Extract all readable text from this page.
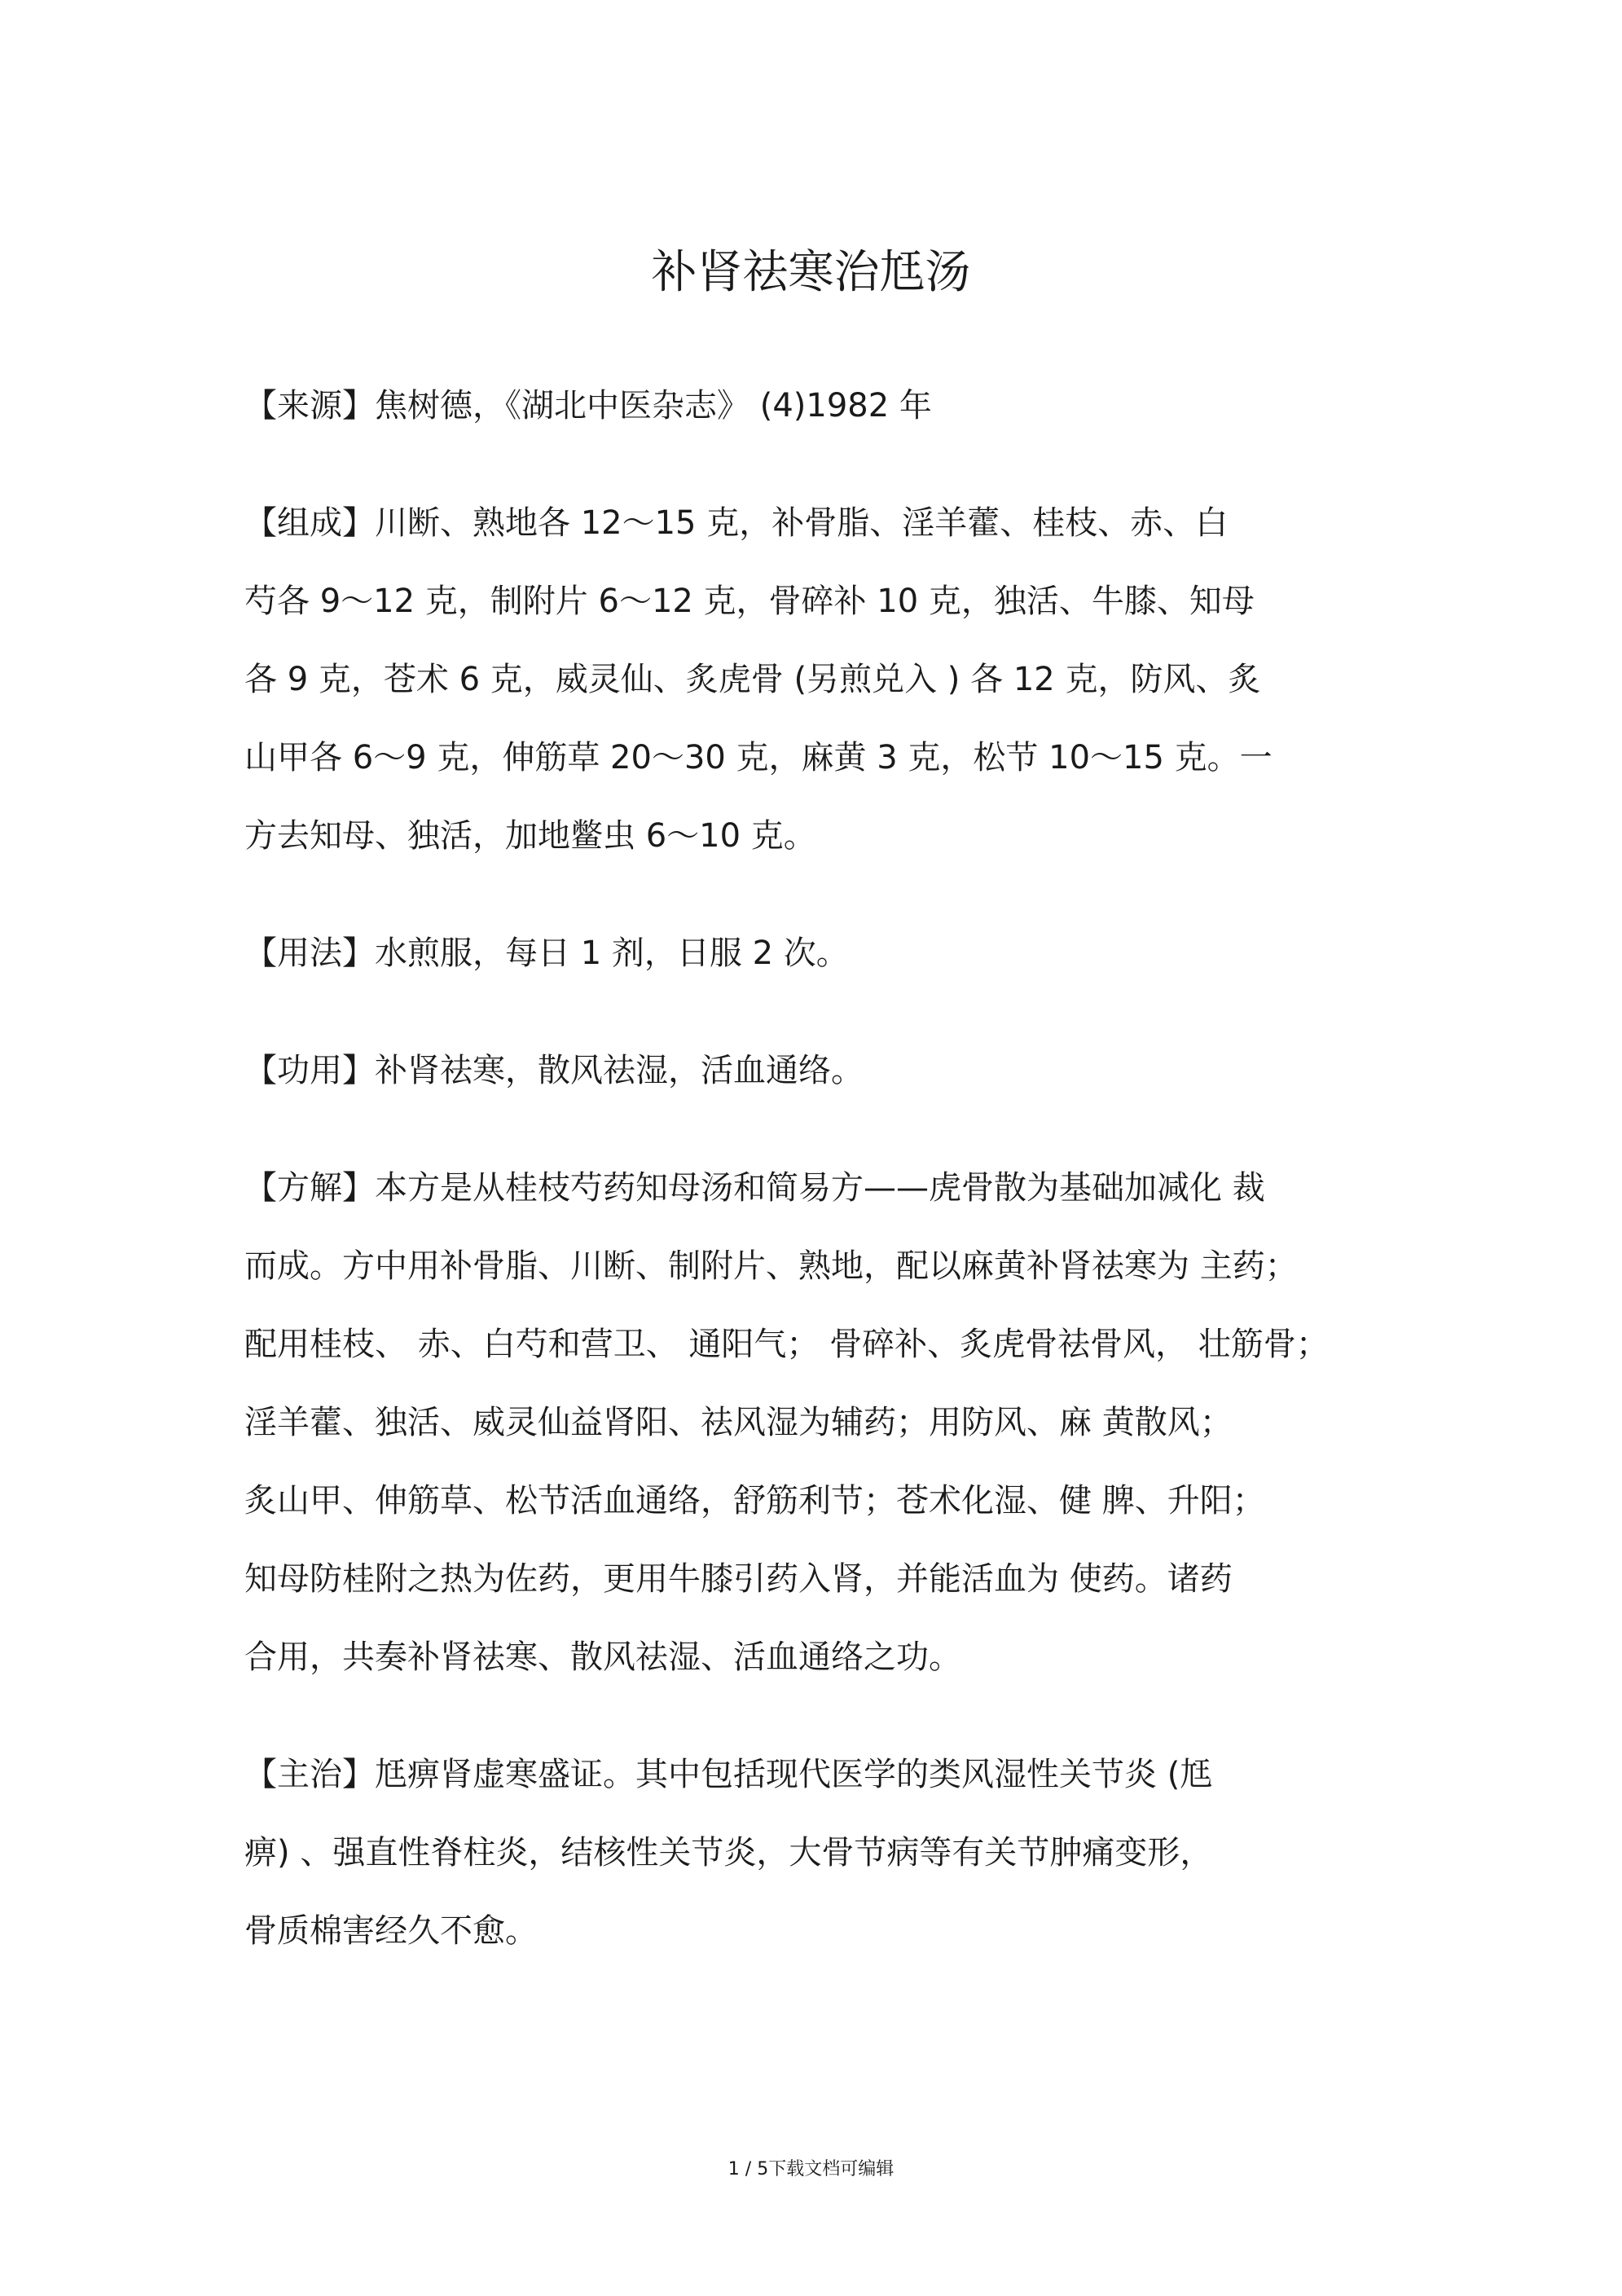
补肾祛寒治尪汤

【来源】焦树德，《湖北中医杂志》 (4)1982 年

【组成】川断、熟地各 12～15 克，补骨脂、淫羊藿、桂枝、赤、白

芍各 9～12 克，制附片 6～12 克，骨碎补 10 克，独活、牛膝、知母

各 9 克，苍术 6 克，威灵仙、炙虎骨 (另煎兑入 ) 各 12 克，防风、炙

山甲各 6～9 克，伸筋草 20～30 克，麻黄 3 克，松节 10～15 克。一

方去知母、独活，加地鳖虫 6～10 克。

【用法】水煎服，每日 1 剂，日服 2 次。

【功用】补肾祛寒，散风祛湿，活血通络。

【方解】本方是从桂枝芍药知母汤和简易方——虎骨散为基础加减化 裁

而成。方中用补骨脂、川断、制附片、熟地，配以麻黄补肾祛寒为 主药；

配用桂枝、 赤、白芍和营卫、 通阳气； 骨碎补、炙虎骨祛骨风， 壮筋骨；

淫羊藿、独活、威灵仙益肾阳、祛风湿为辅药；用防风、麻 黄散风；

炙山甲、伸筋草、松节活血通络，舒筋利节；苍术化湿、健 脾、升阳；

知母防桂附之热为佐药，更用牛膝引药入肾，并能活血为 使药。诸药

合用，共奏补肾祛寒、散风祛湿、活血通络之功。

【主治】尪痹肾虚寒盛证。其中包括现代医学的类风湿性关节炎 (尪

痹) 、强直性脊柱炎，结核性关节炎，大骨节病等有关节肿痛变形，

骨质棉害经久不愈。

1 / 5下载文档可编辑
